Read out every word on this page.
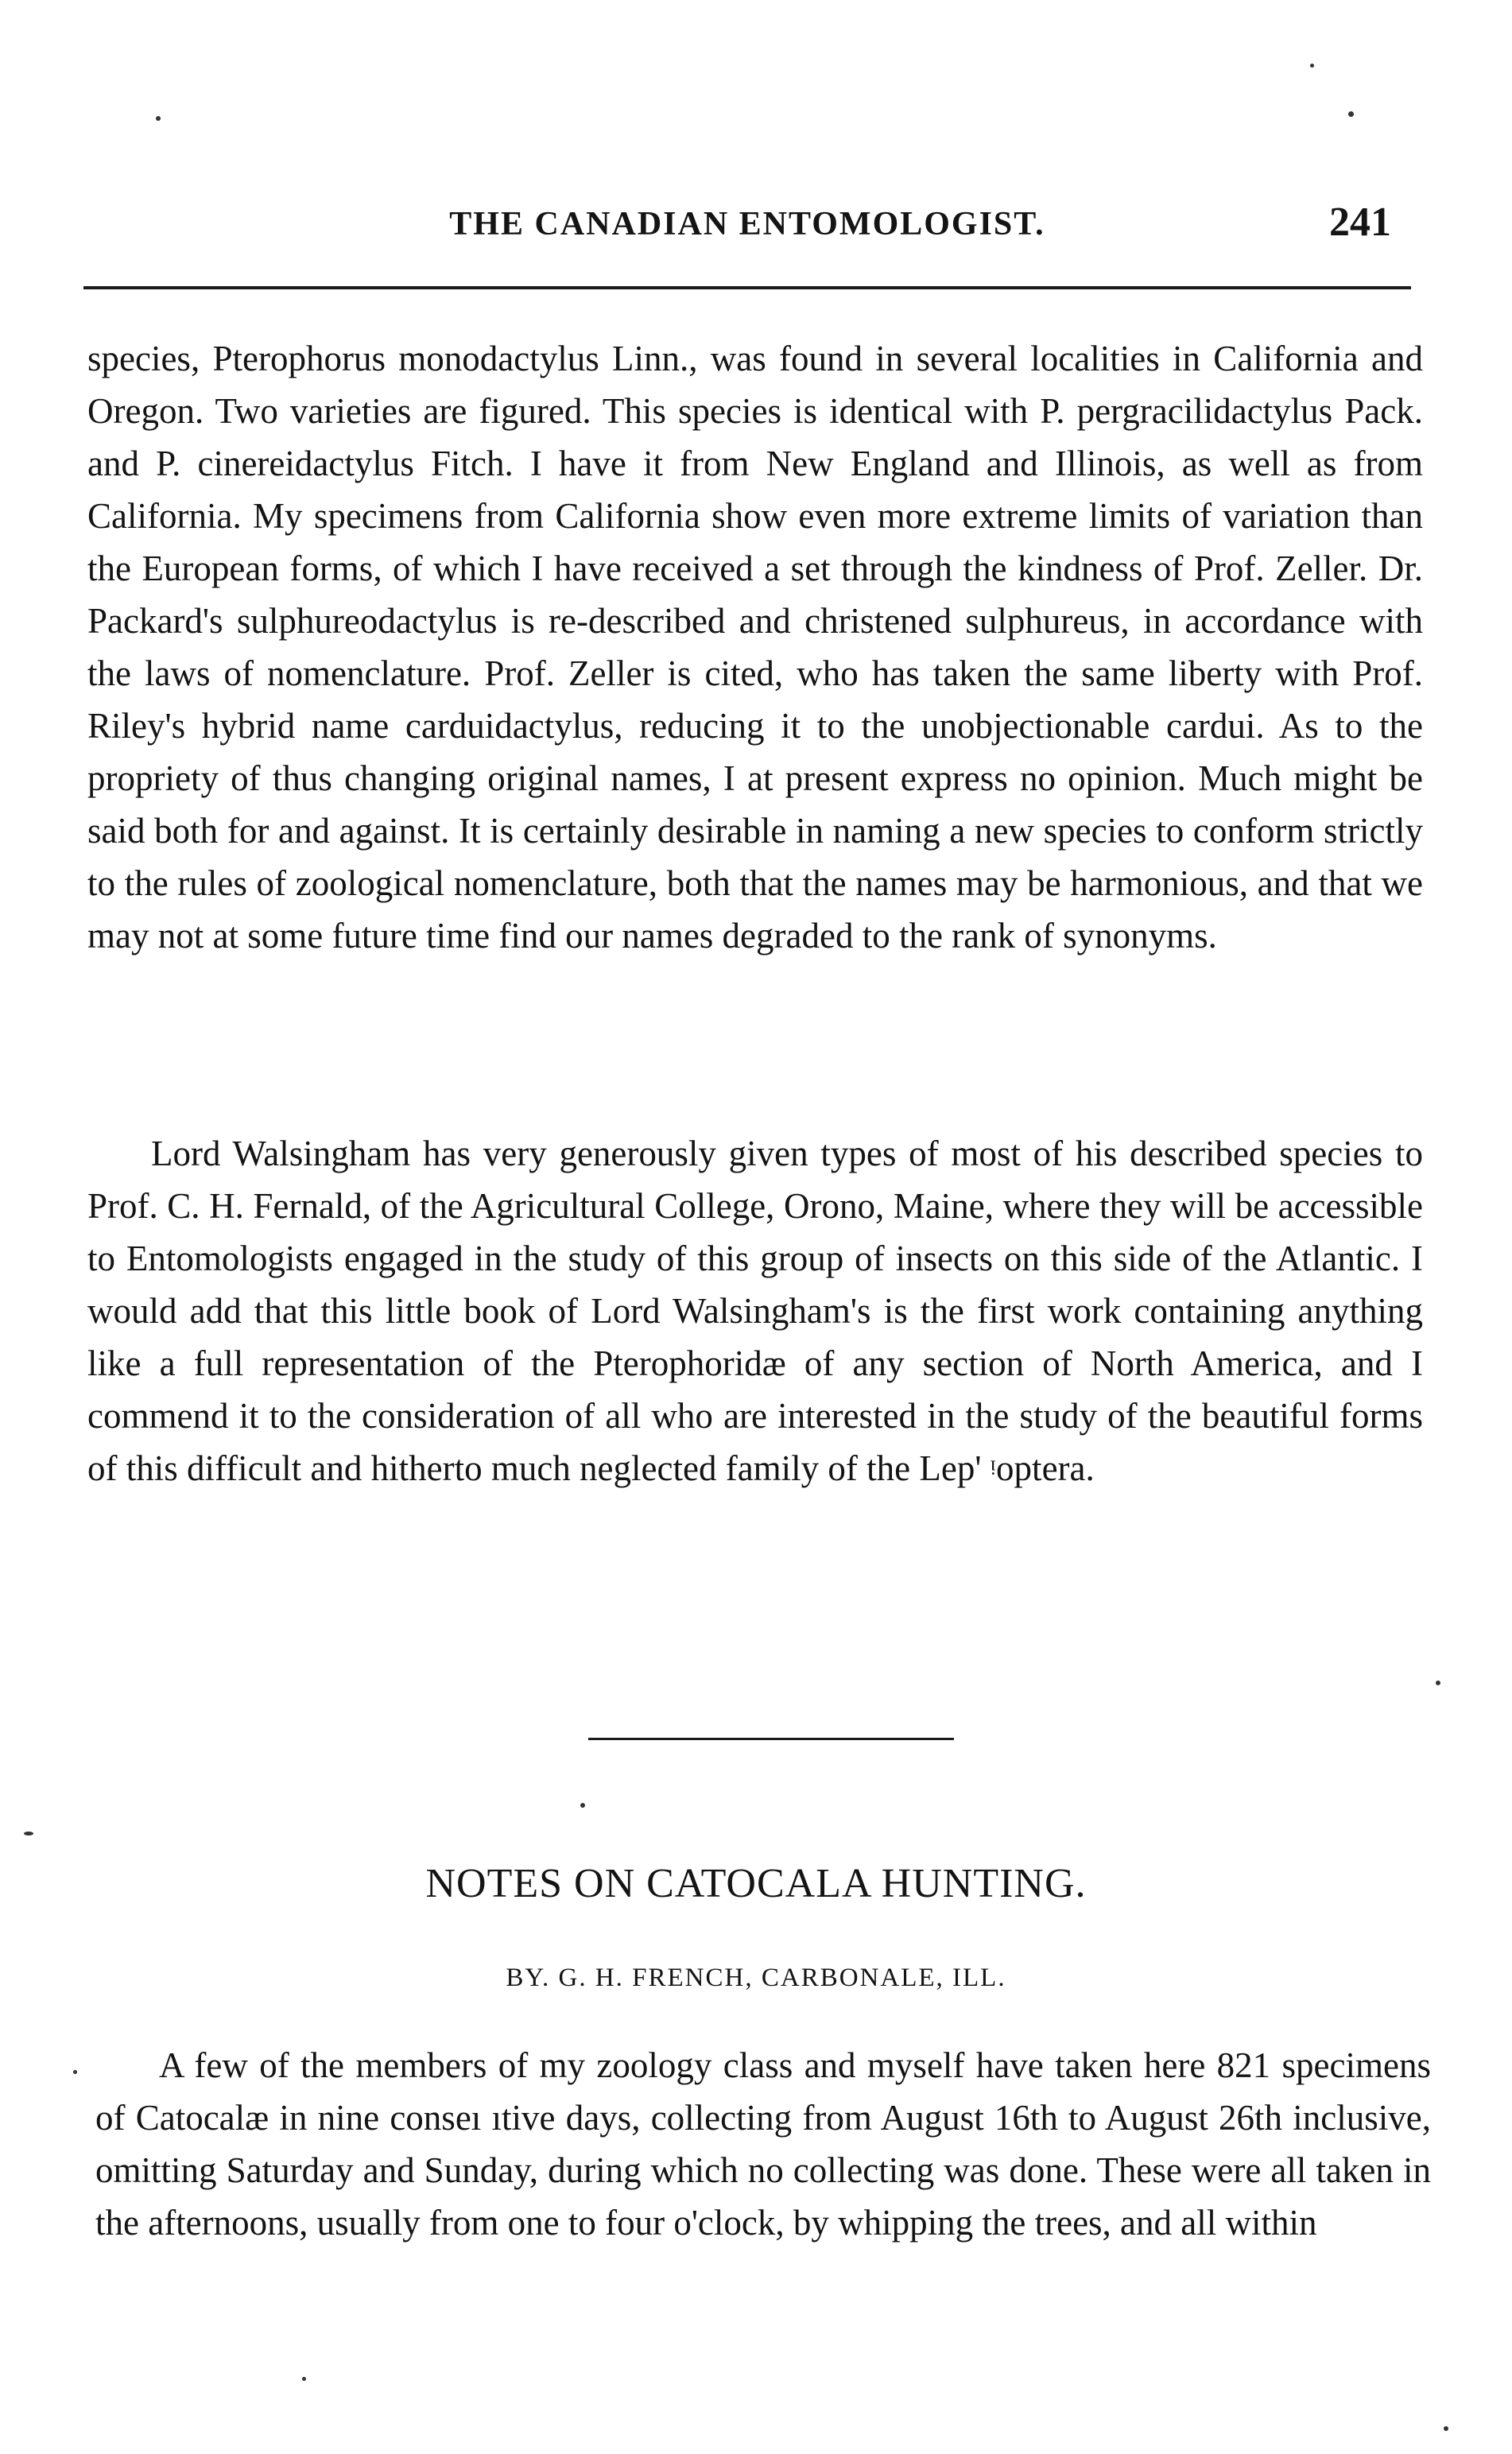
THE CANADIAN ENTOMOLOGIST.	241

species, Pterophorus monodactylus Linn., was found in several localities in California and Oregon. Two varieties are figured. This species is identical with P. pergracilidactylus Pack. and P. cinereidactylus Fitch. I have it from New England and Illinois, as well as from California. My specimens from California show even more extreme limits of variation than the European forms, of which I have received a set through the kindness of Prof. Zeller. Dr. Packard's sulphureodactylus is re-described and christened sulphureus, in accordance with the laws of nomenclature. Prof. Zeller is cited, who has taken the same liberty with Prof. Riley's hybrid name carduidactylus, reducing it to the unobjectionable cardui. As to the propriety of thus changing original names, I at present express no opinion. Much might be said both for and against. It is certainly desirable in naming a new species to conform strictly to the rules of zoological nomenclature, both that the names may be harmonious, and that we may not at some future time find our names degraded to the rank of synonyms.

Lord Walsingham has very generously given types of most of his described species to Prof. C. H. Fernald, of the Agricultural College, Orono, Maine, where they will be accessible to Entomologists engaged in the study of this group of insects on this side of the Atlantic. I would add that this little book of Lord Walsingham's is the first work containing anything like a full representation of the Pterophoridæ of any section of North America, and I commend it to the consideration of all who are interested in the study of the beautiful forms of this difficult and hitherto much neglected family of the Lep' ᵎoptera.

NOTES ON CATOCALA HUNTING.
BY. G. H. FRENCH, CARBONALE, ILL.

A few of the members of my zoology class and myself have taken here 821 specimens of Catocalæ in nine conseı ıtive days, collecting from August 16th to August 26th inclusive, omitting Saturday and Sunday, during which no collecting was done. These were all taken in the afternoons, usually from one to four o'clock, by whipping the trees, and all within
